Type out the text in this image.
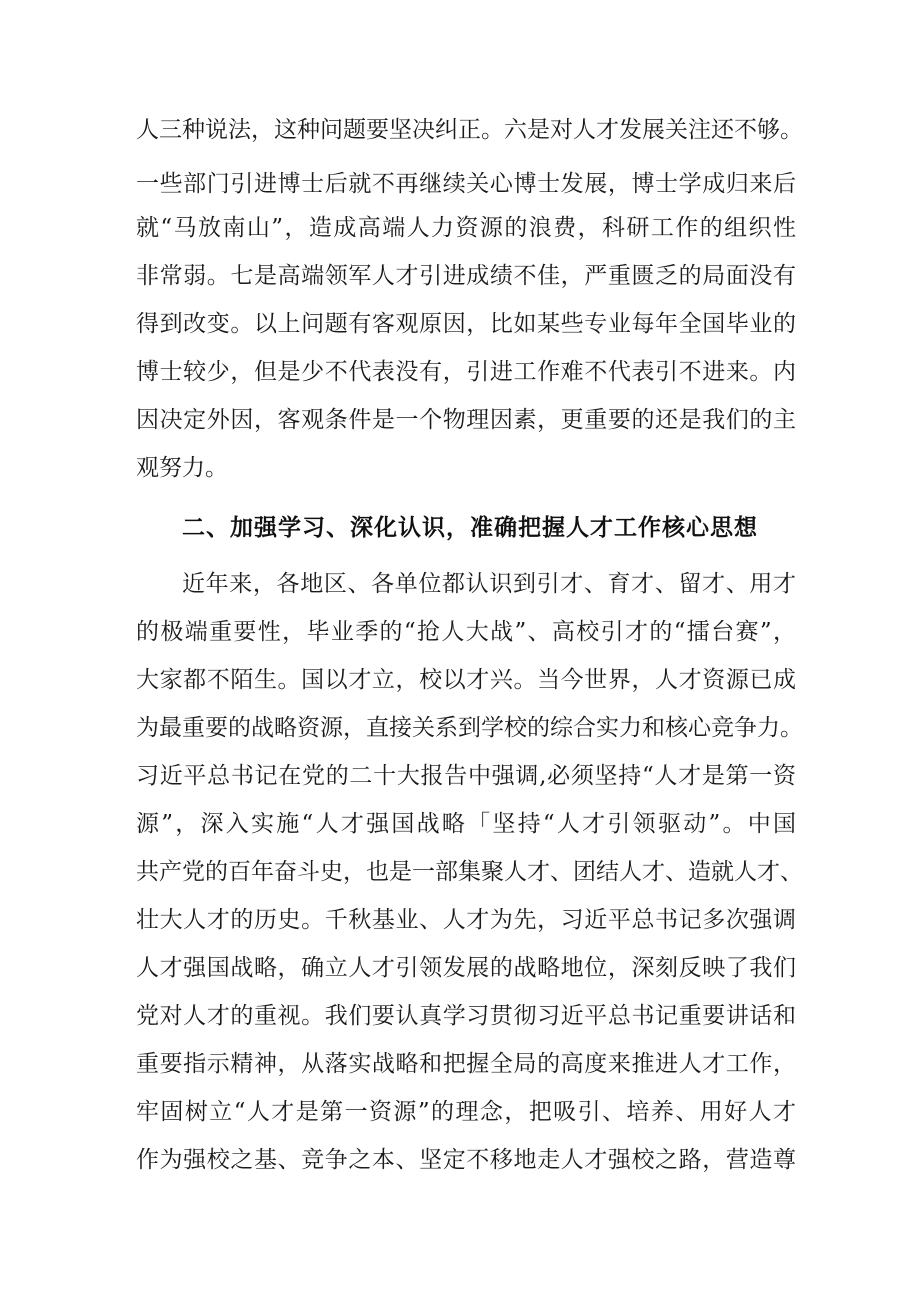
人三种说法，这种问题要坚决纠正。六是对人才发展关注还不够。
一些部门引进博士后就不再继续关心博士发展，博士学成归来后
就“马放南山”，造成高端人力资源的浪费，科研工作的组织性
非常弱。七是高端领军人才引进成绩不佳，严重匮乏的局面没有
得到改变。以上问题有客观原因，比如某些专业每年全国毕业的
博士较少，但是少不代表没有，引进工作难不代表引不进来。内
因决定外因，客观条件是一个物理因素，更重要的还是我们的主
观努力。
二、加强学习、深化认识，准确把握人才工作核心思想
近年来，各地区、各单位都认识到引才、育才、留才、用才
的极端重要性，毕业季的“抢人大战”、高校引才的“擂台赛”，
大家都不陌生。国以才立，校以才兴。当今世界，人才资源已成
为最重要的战略资源，直接关系到学校的综合实力和核心竞争力。
习近平总书记在党的二十大报告中强调,必须坚持“人才是第一资
源”，深入实施“人才强国战略「坚持“人才引领驱动”。中国
共产党的百年奋斗史，也是一部集聚人才、团结人才、造就人才、
壮大人才的历史。千秋基业、人才为先，习近平总书记多次强调
人才强国战略，确立人才引领发展的战略地位，深刻反映了我们
党对人才的重视。我们要认真学习贯彻习近平总书记重要讲话和
重要指示精神，从落实战略和把握全局的高度来推进人才工作，
牢固树立“人才是第一资源”的理念，把吸引、培养、用好人才
作为强校之基、竞争之本、坚定不移地走人才强校之路，营造尊
